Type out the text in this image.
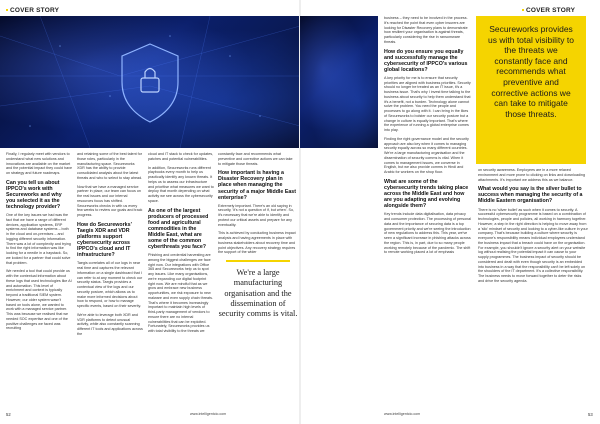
COVER STORY

Finally, I regularly meet with vendors to understand what new solutions and innovations are available on the market and the potential impact they could have on strategy and future roadmaps.

Can you tell us about IPPCO's work with Secureworks and why you selected it as the technology provider?

One of the key issues we had was the fact that we have a range of different devices, application systems, ERP systems and database systems – both in the cloud and on-premises – and logging different security information. There was a lot of complexity and trying to find the right information was like looking for a needle in a haystack. So, we looked for a partner that could solve that problem.

We needed a tool that could provide us with the contextual information about these logs that used technologies like AI and automation. This level of enrichment and context is typically beyond a traditional SIEM system. However, our older system wasn't based on tools alone, we wanted to work with a managed service partner. This was because we realised that we needed SOC expertise and one of the positive challenges we faced was recruiting

and retaining some of the best talent for those roles, particularly in the manufacturing space. Secureworks XDR has the ability to provide consolidated analysis about the latest threats and who to select to stay ahead.

Now that we have a managed service partner in place, our team can focus on the real issues and our internal resources focus has shifted. Secureworks checks in with us every few weeks to review our goals and track progress.

How do Secureworks' Taegis XDR and VDR platforms support cybersecurity across IPPCO's cloud and IT infrastructure?

Taegis correlates all of our logs in near real time and captures the relevant information on a single dashboard that I can refer to at any moment to check our security status. Taegis provides a contextual view of the logs and our security posture, which allows us to make more informed decisions about how to respond, or how to manage specific events, based on their severity.

We're able to leverage both XDR and VDR platforms to detect unusual activity, while also constantly scanning different IT tools and applications across the

cloud and IT stack to check for updates, patches and potential vulnerabilities.

In addition, Secureworks runs different playbooks every month to help us practically identify any known threats. It helps us to assess our infrastructure and prioritise what measures we want to deploy that month depending on what activity we see across the cybersecurity space.

As one of the largest producers of processed food and agricultural commodities in the Middle East, what are some of the common cyberthreats you face?

Phishing and credential harvesting are among the biggest challenges we face right now. Our integrations with Office 365 and Secureworks help us to spot any issues. Like many organisations, we're expanding our digital footprint right now. We are mindful that as we grow and embrace new business opportunities, we risk exposure to new malware and even supply chain threats. That's where it becomes increasingly important to maintain high levels of third-party management of vendors to ensure there are no internal vulnerabilities that can be exploited. Fortunately, Secureworks provides us with total visibility to the threats we

52	www.intelligentcio.com
COVER STORY

business – they need to be involved in the process. It's reached the point that even cyber insurers are looking for Disaster Recovery plans to demonstrate how resilient your organisation is against threats, particularly considering the rise in ransomware threats.

How do you ensure you equally and successfully manage the cybersecurity of IPPCO's various global locations?

A key priority for me is to ensure that security priorities are aligned with business priorities. Security should no longer be treated as an IT issue, it's a business issue. That's why I invest time talking to the business about security to help them understand that it's a benefit, not a burden. Technology alone cannot solve the problem. You need the people and processes to go along with it. I can bring in the likes of Secureworks to bolster our security posture but a change in culture is equally important. That's where the experience of running a global enterprise comes into play.

Finding the right governance model and the security approach are also key when it comes to managing security equally across so many different countries. We're a large manufacturing organisation and the dissemination of security comms is vital. When it comes to management issues, we converse in English, but we also provide comms in Hindi and Arabic for workers on the shop floor.

What are some of the cybersecurity trends taking place across the Middle East and how are you adapting and evolving alongside them?

Key trends include data digitalisation, data privacy and consumer protection. The processing of personal data and the importance of securing data is a top government priority and we're seeing the introduction of new regulations to address this. This year, we've seen a significant increase in phishing attacks across the region. This is, in part, due to so many people working remotely because of the pandemic. The shift to remote working placed a lot of emphasis

on security awareness. Employees are in a more relaxed environment and more prone to clicking on links and downloading attachments. It's important we address this as we balance.

What would you say is the silver bullet to success when managing the security of a Middle Eastern organisation?

There is no 'silver bullet' as such when it comes to security. A successful cybersecurity programme is based on a combination of technologies, people and policies, all working in harmony together. However, a step in the right direction is helping to move away from a 'silo' mindset of security and looking to a cyber-like culture in your company. That's because building a culture where security is everyone's responsibility means individual employees understand the business impact that a breach could have on the organisation. For example, you shouldn't ignore a security alert on your website log without realising the potential impact it can cause to your supply programmes. The business impact of security should be considered and dealt with even though security is an embedded into business in a way that the responsibility can't be left solely on the shoulders of the IT department. It's a collective responsibility. The business needs to move forward together to deter the risks and drive the security agenda.

53
www.intelligentcio.com
We're a large manufacturing organisation and the dissemination of security comms is vital.
Secureworks provides us with total visibility to the threats we constantly face and recommends what preventive and corrective actions we can take to mitigate those threats.

constantly face and recommends what preventive and corrective actions we can take to mitigate those threats.

How important is having a Disaster Recovery plan in place when managing the security of a major Middle East enterprise?

Extremely important. There's an old saying in security, 'it's not a question of if, but when'. So, it's necessary that we're able to identify and protect our critical assets and prepare for any eventuality.

This is achieved by conducting business impact analysis and having agreements in place with business stakeholders about recovery time and point objectives. Any recovery strategy requires the support of the wider
